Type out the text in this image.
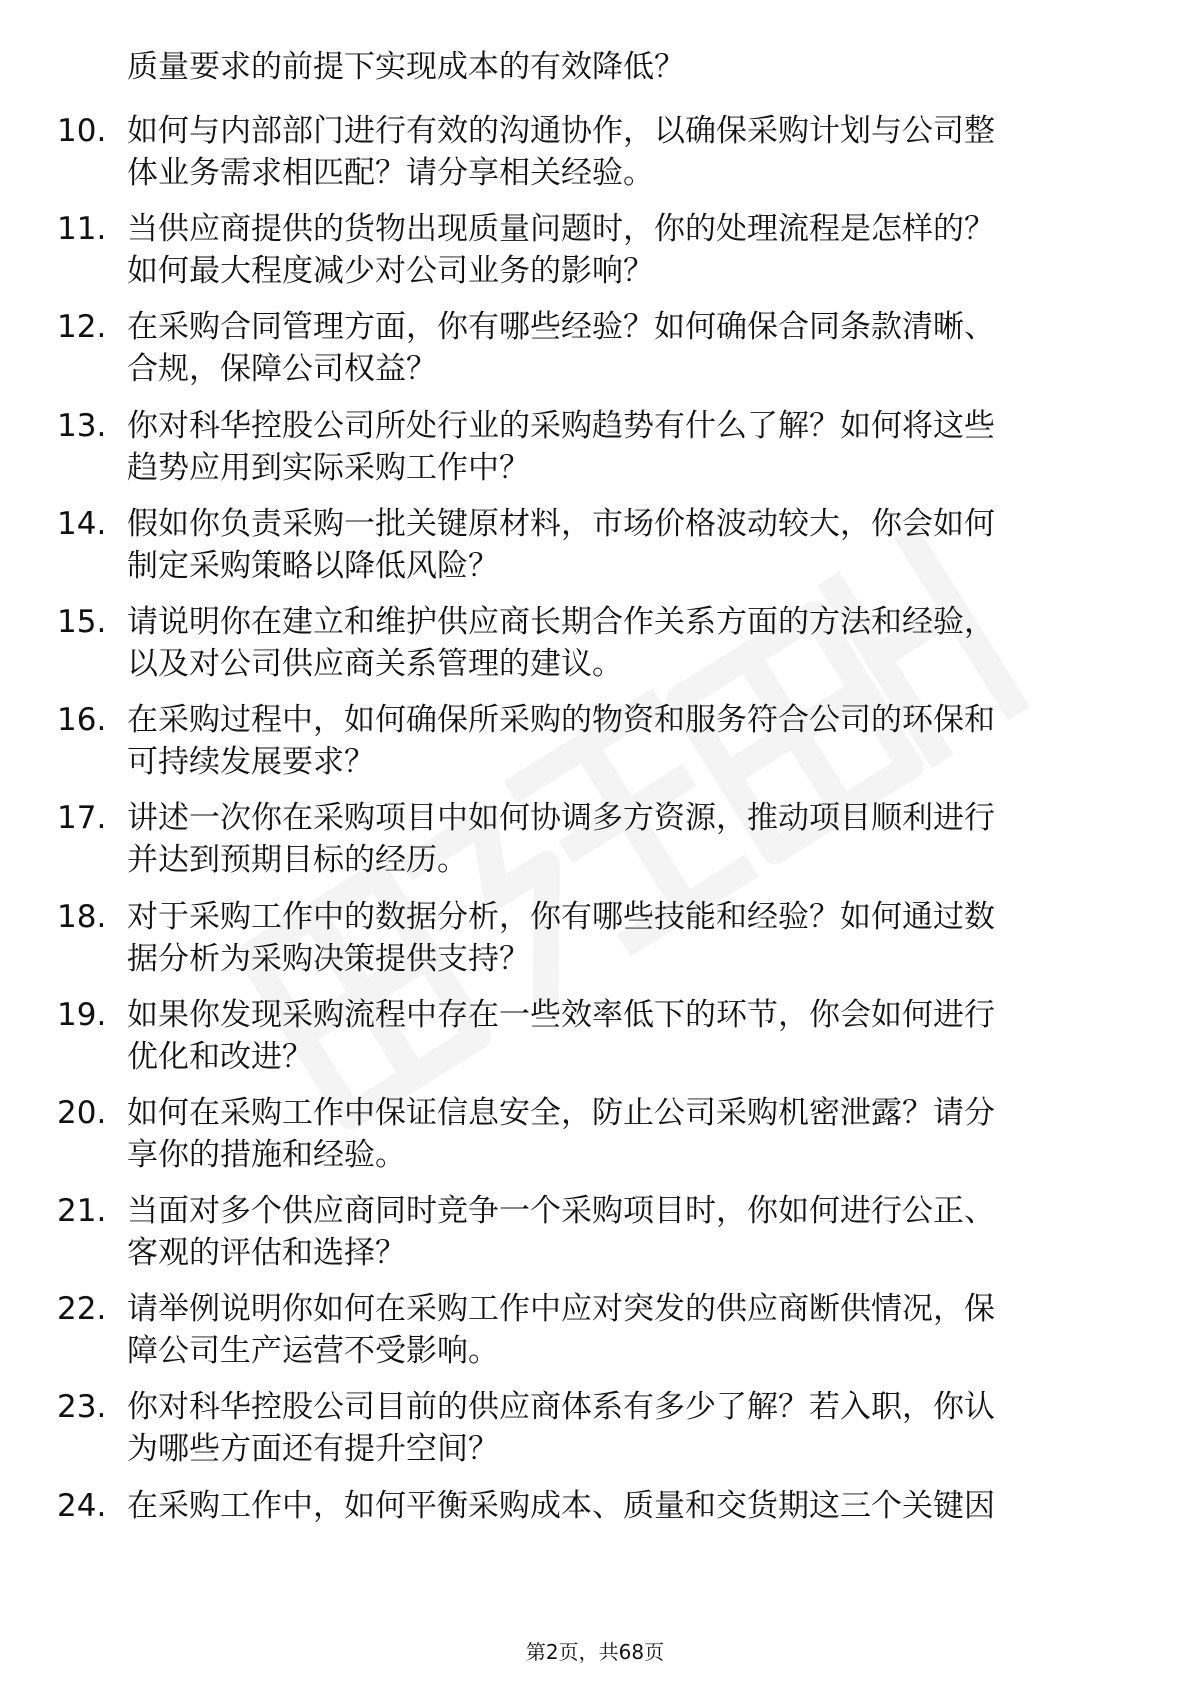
质量要求的前提下实现成本的有效降低？
10. 如何与内部部门进行有效的沟通协作，以确保采购计划与公司整
体业务需求相匹配？请分享相关经验。
11. 当供应商提供的货物出现质量问题时，你的处理流程是怎样的？
如何最大程度减少对公司业务的影响？
12. 在采购合同管理方面，你有哪些经验？如何确保合同条款清晰、
合规，保障公司权益？
13. 你对科华控股公司所处行业的采购趋势有什么了解？如何将这些
趋势应用到实际采购工作中？
14. 假如你负责采购一批关键原材料，市场价格波动较大，你会如何
制定采购策略以降低风险？
15. 请说明你在建立和维护供应商长期合作关系方面的方法和经验，
以及对公司供应商关系管理的建议。
16. 在采购过程中，如何确保所采购的物资和服务符合公司的环保和
可持续发展要求？
17. 讲述一次你在采购项目中如何协调多方资源，推动项目顺利进行
并达到预期目标的经历。
18. 对于采购工作中的数据分析，你有哪些技能和经验？如何通过数
据分析为采购决策提供支持？
19. 如果你发现采购流程中存在一些效率低下的环节，你会如何进行
优化和改进？
20. 如何在采购工作中保证信息安全，防止公司采购机密泄露？请分
享你的措施和经验。
21. 当面对多个供应商同时竞争一个采购项目时，你如何进行公正、
客观的评估和选择？
22. 请举例说明你如何在采购工作中应对突发的供应商断供情况，保
障公司生产运营不受影响。
23. 你对科华控股公司目前的供应商体系有多少了解？若入职，你认
为哪些方面还有提升空间？
24. 在采购工作中，如何平衡采购成本、质量和交货期这三个关键因
第2页，共68页
